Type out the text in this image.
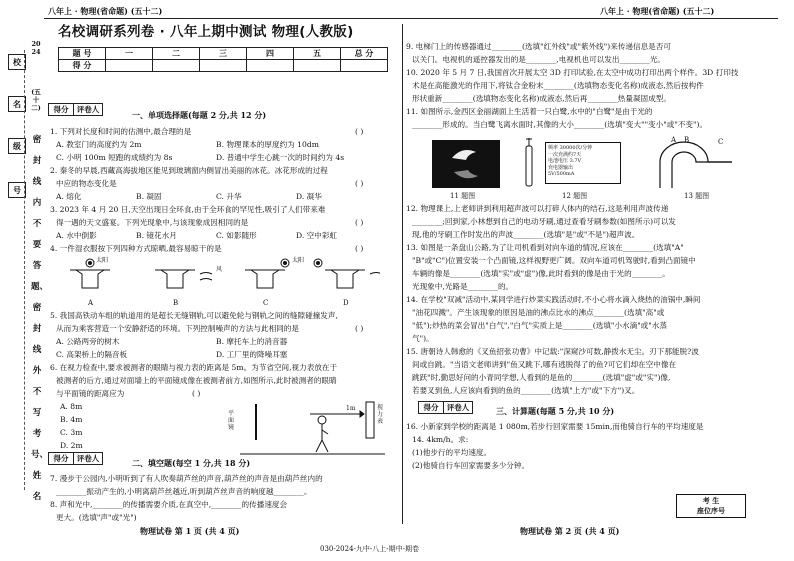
八年上 · 物理(省命题) (五十二)	八年上 · 物理(省命题) (五十二)
校
名
级
号
2024
(五十二)
密封线内不要答题、密封线外不写考号、姓名
名校调研系列卷 · 八年上期中测试 物理(人教版)
题 号	一	二	三	四	五	总 分
得 分						
得分	评卷人
一、单项选择题(每题 2 分,共 12 分)
1. 下列对长度和时间的估测中,最合理的是	( )
A. 教室门的高度约为 2m	B. 物理课本的厚度约为 10dm
C. 小明 100m 短跑的成绩约为 8s	D. 普通中学生心跳一次的时间约为 4s
2. 秦冬的早晨,西藏高海拔地区能见到玻璃窗内侧冒出美丽的冰花。冰花形成的过程
中应的物态变化是	( )
A. 熔化	B. 凝固	C. 升华	D. 凝华
3. 2023 年 4 月 20 日,天空出现日全环食,由于全环食的罕见性,吸引了人们带来难
得一遇的天文盛宴。下列光现象中,与该现象成因相同的是	( )
A. 水中倒影	B. 镜花水月	C. 如影随形	D. 空中彩虹
4. 一件湿衣服按下列四种方式晾晒,最容易晾干的是	( )
太阳
风
太阳
A	B	C	D
5. 我国高铁动车组的轨道用的是超长无缝钢轨,可以避免轮与钢轨之间的缝隙碰撞发声,
从而为乘客营造一个安静舒适的环境。下列控制噪声的方法与此相同的是	( )
A. 公路两旁的树木	B. 摩托车上的消音器
C. 高架桥上的隔音板	D. 工厂里的降噪耳塞
6. 在视力检查中,要求被测者的眼睛与视力表的距离是 5m。为节省空间,视力表放在于
被测者的后方,通过对面墙上的平面镜成像在被测者前方,如图所示,此时被测者的眼睛
与平面镜的距离应为	( )
A. 8m
B. 4m
C. 3m
D. 2m
平面镜
1m	视力表
得分	评卷人	二、填空题(每空 1 分,共 18 分)
7. 漫步于公园内,小明听到了有人吹奏葫芦丝的声音,葫芦丝的声音是由葫芦丝内的
________振动产生的,小明离葫芦丝越近,听到葫芦丝声音的响度越________。
8. 声和光中,________的传播需要介质,在真空中,________的传播速度会
更大。(选填"声"或"光")
物理试卷 第 1 页 (共 4 页)
9. 电梯门上的传感器通过________(选填"红外线"或"紫外线")来传递信息是否可
以关门。电视机的遥控器发出的是________,电视机也可以发出________光。
10. 2020 年 5 月 7 日,我国首次开展太空 3D 打印试验,在太空中成功打印出两个样件。3D 打印技
术是在高能激光的作用下,将钛合金粉末________(选填物态变化名称)成液态,然后按构件
形状重新________(选填物态变化名称)成液态,然后再________热量凝固成型。
11. 如图所示,金西区金丽湖面上生活着一只白鹭,水中的"白鹭"是由于光的
________形成的。当白鹭飞离水面时,其像的大小________(选填"变大""变小"或"不变")。
频率 30000次/分钟
一次充满约7天
电池电压 3.7V
充电器输出
5V/500mA
A B	C
11 题图	12 题图	13 题图
12. 物理课上,上老师讲到利用超声波可以打碎人体内的结石,这是利用声波传递
________;回到家,小林想到自己的电动牙刷,通过查看牙刷参数(如图所示)可以发
现,他的牙刷工作时发出的声波________(选填"是"或"不是")超声波。
13. 如图是一条盘山公路,为了让司机看到对向车道的情况,应该在________(选填"A"
"B"或"C")位置安装一个凸面镜,这样视野更广阔。双向车道司机驾驶时,看到凸面镜中
车辆的像是________(选填"实"或"虚")像,此时看到的像是由于光的________。
光现象中,光路是________的。
14. 在学校"双减"活动中,某同学进行炒菜实践活动时,不小心将水滴入烧热的油锅中,瞬间
"油花四溅"。产生该现象的原因是油的沸点比水的沸点________(选填"高"或
"低");炒热的菜会冒出"白气","白气"实质上是________(选填"小水滴"或"水蒸
气")。
15. 唐朝诗人韩愈的《叉鱼招张功曹》中记载:"深窥沙可数,静拨水无尘。刃下那能脱?波
间或自跳。"当语文老师讲到"鱼又跳下,哪有逃脱得了的鱼?可它们却在空中像在
跳跃"时,勤思好问的小青同学想,人看到的是鱼的________(选填"虚"或"实")像,
若要叉到鱼,人应该向看到的鱼的________(选填"上方"或"下方")叉。
得分	评卷人	三、计算题(每题 5 分,共 10 分)
16. 小新家到学校的距离是 1 080m,若步行回家需要 15min,而他骑自行车的平均速度是
14. 4km/h。求:
(1)他步行的平均速度。
(2)他骑自行车回家需要多少分钟。
考 生
座位序号
物理试卷 第 2 页 (共 4 页)
030-2024-九中-八上-期中-期卷
